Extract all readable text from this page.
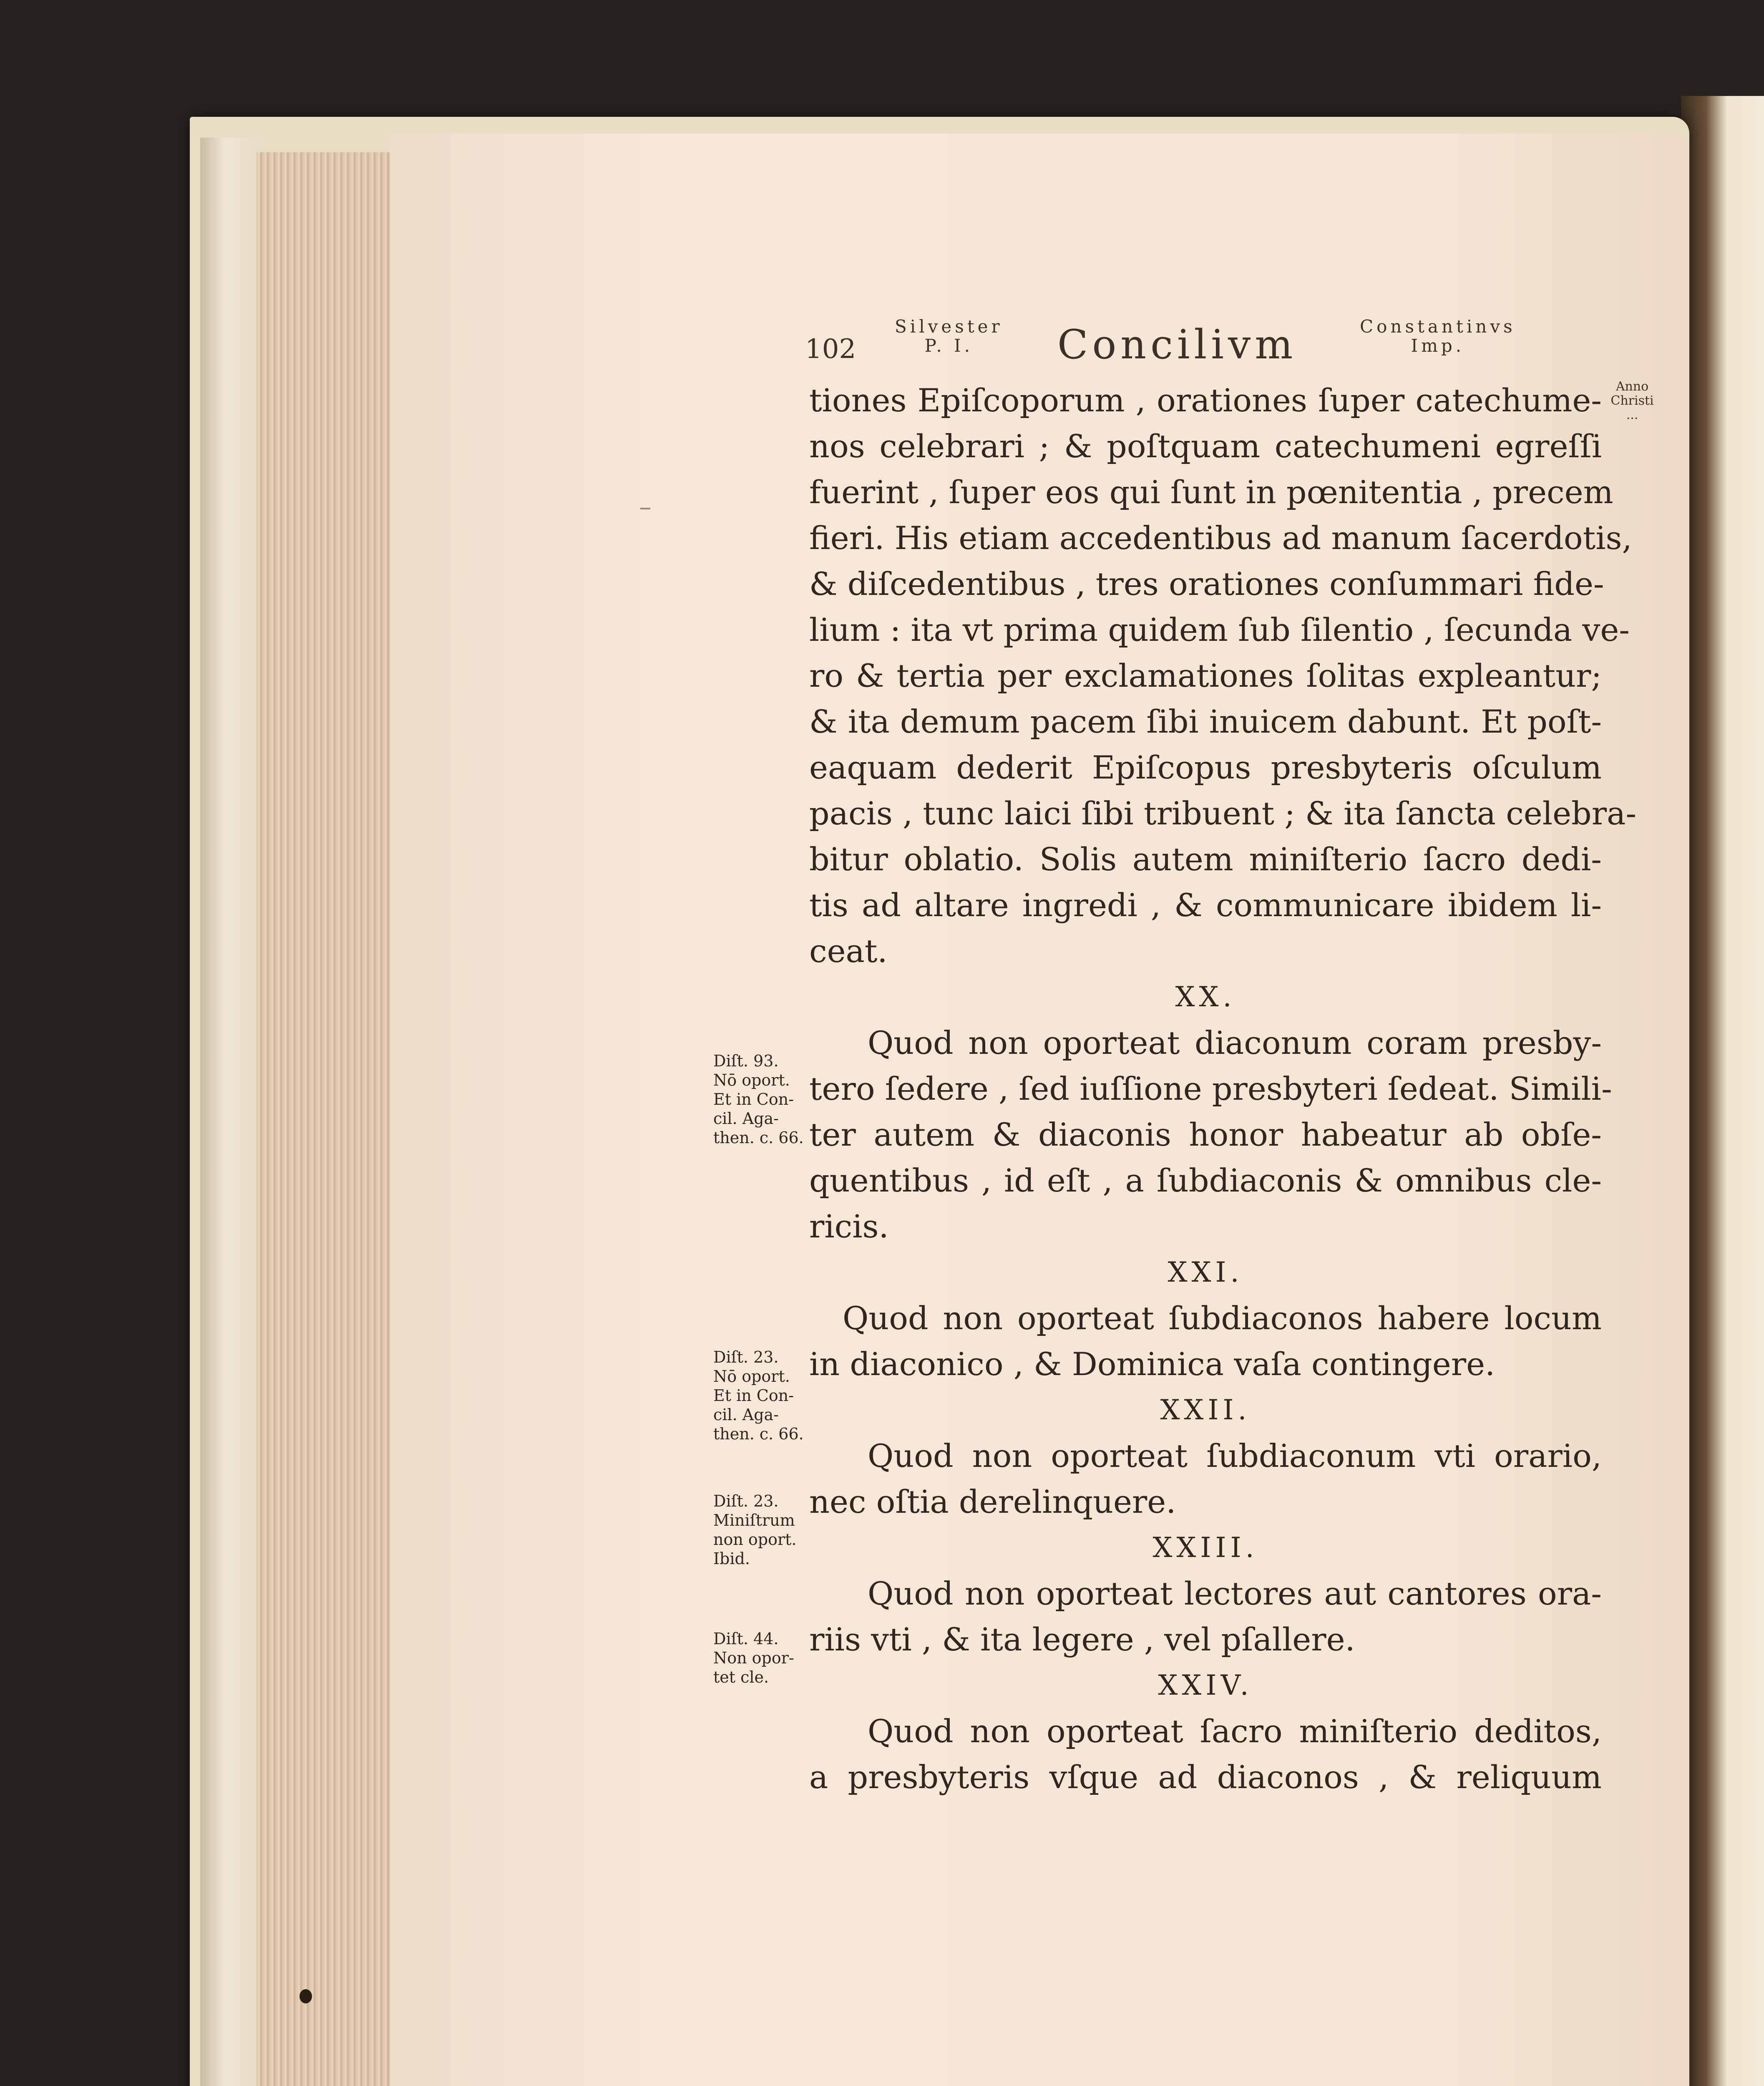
102
Silvester
P. I.	Concilivm	Constantinvs
Imp.
Anno
Christi
...
tiones Epiſcoporum , orationes ſuper catechume-
nos celebrari ; & poſtquam catechumeni egreſſi
fuerint , ſuper eos qui ſunt in pœnitentia , precem
fieri. His etiam accedentibus ad manum ſacerdotis,
& diſcedentibus , tres orationes conſummari fide-
lium : ita vt prima quidem ſub ſilentio , ſecunda ve-
ro & tertia per exclamationes ſolitas expleantur;
& ita demum pacem ſibi inuicem dabunt. Et poſt-
eaquam dederit Epiſcopus presbyteris oſculum
pacis , tunc laici ſibi tribuent ; & ita ſancta celebra-
bitur oblatio. Solis autem miniſterio ſacro dedi-
tis ad altare ingredi , & communicare ibidem li-
ceat.
XX.
Quod non oporteat diaconum coram presby-
tero ſedere , ſed iuſſione presbyteri ſedeat. Simili-
ter autem & diaconis honor habeatur ab obſe-
quentibus , id eſt , a ſubdiaconis & omnibus cle-
ricis.
XXI.
Quod non oporteat ſubdiaconos habere locum
in diaconico , & Dominica vaſa contingere.
XXII.
Quod non oporteat ſubdiaconum vti orario,
nec oſtia derelinquere.
XXIII.
Quod non oporteat lectores aut cantores ora-
riis vti , & ita legere , vel pſallere.
XXIV.
Quod non oporteat ſacro miniſterio deditos,
a presbyteris vſque ad diaconos , & reliquum
Diſt. 93.
Nō oport.
Et in Con-
cil. Aga-
then. c. 66.
Diſt. 23.
Nō oport.
Et in Con-
cil. Aga-
then. c. 66.
Diſt. 23.
Miniſtrum
non oport.
Ibid.
Diſt. 44.
Non opor-
tet cle.
